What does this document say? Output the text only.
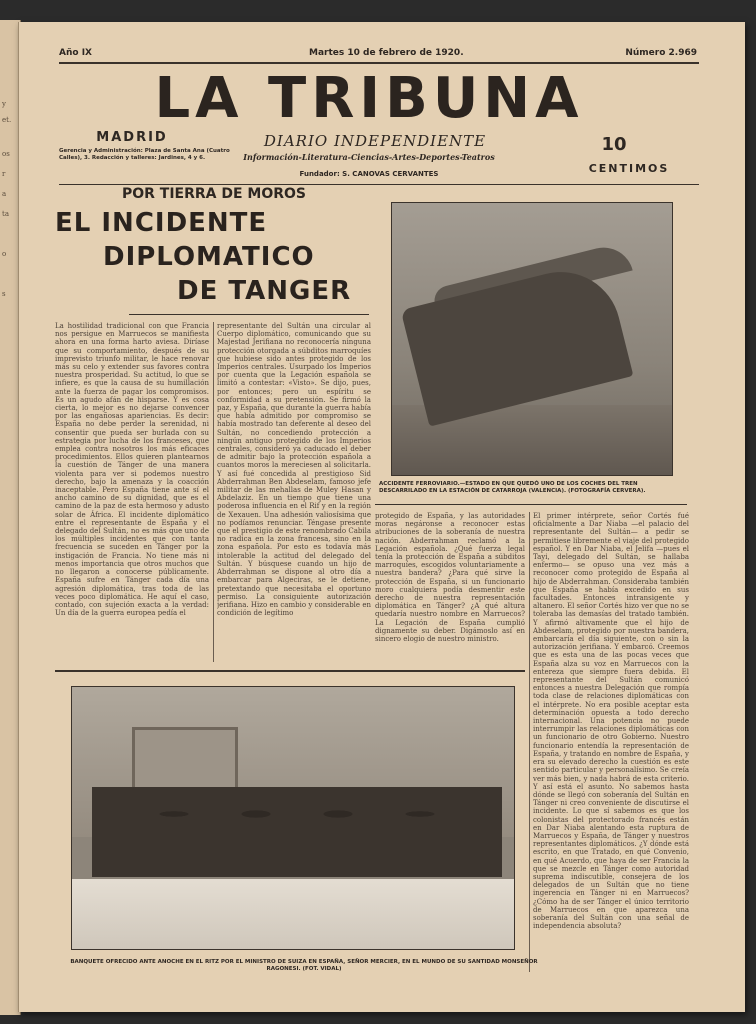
y
et.
os
r
a
ta
o
s
Año IX	Martes 10 de febrero de 1920.	Número 2.969
LA TRIBUNA
MADRID
Gerencia y Administración: Plaza de Santa Ana (Cuatro Calles), 3. Redacción y talleres: Jardines, 4 y 6.
DIARIO INDEPENDIENTE
Información-Literatura-Ciencias-Artes-Deportes-Teatros
Fundador: S. CANOVAS CERVANTES
10
CENTIMOS
POR TIERRA DE MOROS
EL INCIDENTE
DIPLOMATICO
DE TANGER
La hostilidad tradicional con que Francia nos persigue en Marruecos se manifiesta ahora en una forma harto aviesa. Diríase que su comportamiento, después de su imprevisto triunfo militar, le hace renovar más su celo y extender sus favores contra nuestra prosperidad. Su actitud, lo que se infiere, es que la causa de su humillación ante la fuerza de pagar los compromisos. Es un agudo afán de hisparse. Y es cosa cierta, lo mejor es no dejarse convencer por las engañosas apariencias. Es decir: España no debe perder la serenidad, ni consentir que pueda ser burlada con su estrategia por lucha de los franceses, que emplea contra nosotros los más eficaces procedimientos. Ellos quieren plantearnos la cuestión de Tánger de una manera violenta para ver si podemos nuestro derecho, bajo la amenaza y la coacción inaceptable. Pero España tiene ante sí el ancho camino de su dignidad, que es el camino de la paz de esta hermoso y adusto solar de África. El incidente diplomático entre el representante de España y el delegado del Sultán, no es más que uno de los múltiples incidentes que con tanta frecuencia se suceden en Tánger por la instigación de Francia. No tiene más ni menos importancia que otros muchos que no llegaron a conocerse públicamente. España sufre en Tánger cada día una agresión diplomática, tras toda de las veces poco diplomática. He aquí el caso, contado, con sujeción exacta a la verdad: Un día de la guerra europea pedía el
representante del Sultán una circular al Cuerpo diplomático, comunicando que su Majestad Jerifiana no reconocería ninguna protección otorgada a súbditos marroquíes que hubiese sido antes protegido de los Imperios centrales. Usurpado los Imperios por cuenta que la Legación española se limitó a contestar: «Visto». Se dijo, pues, por entonces; pero un espíritu se conformidad a su pretensión. Se firmó la paz, y España, que durante la guerra había que había admitido por compromiso se había mostrado tan deferente al deseo del Sultán, no concediendo protección a ningún antiguo protegido de los Imperios centrales, consideró ya caducado el deber de admitir bajo la protección española a cuantos moros la mereciesen al solicitarla. Y así fué concedida al prestigioso Sid Abderrahman Ben Abdeselam, famoso jefe militar de las mehallas de Muley Hasan y Abdelaziz. En un tiempo que tiene una poderosa influencia en el Rif y en la región de Xexauen. Una adhesión valiosísima que no podíamos renunciar. Téngase presente que el prestigio de este renombrado Cabila no radica en la zona francesa, sino en la zona española. Por esto es todavía más intolerable la actitud del delegado del Sultán. Y búsquese cuando un hijo de Abderrahman se dispone al otro día a embarcar para Algeciras, se le detiene, pretextando que necesitaba el oportuno permiso. La consiguiente autorización jerifiana. Hizo en cambio y considerable en condición de legítimo
ACCIDENTE FERROVIARIO.—ESTADO EN QUE QUEDÓ UNO DE LOS COCHES DEL TREN DESCARRILADO EN LA ESTACIÓN DE CATARROJA (VALENCIA). (FOTOGRAFÍA CERVERA).
protegido de España, y las autoridades moras negáronse a reconocer estas atribuciones de la soberanía de nuestra nación. Abderrahman reclamó a la Legación española. ¿Qué fuerza legal tenía la protección de España a súbditos marroquíes, escogidos voluntariamente a nuestra bandera? ¿Para qué sirve la protección de España, si un funcionario moro cualquiera podía desmentir este derecho de nuestra representación diplomática en Tánger? ¿A qué altura quedaría nuestro nombre en Marruecos? La Legación de España cumplió dignamente su deber. Digámoslo así en sincero elogio de nuestro ministro.
El primer intérprete, señor Cortés fué oficialmente a Dar Niaba —el palacio del representante del Sultán— a pedir se permitiese libremente el viaje del protegido español. Y en Dar Niaba, el Jelifa —pues el Tayi, delegado del Sultán, se hallaba enfermo— se opuso una vez más a reconocer como protegido de España al hijo de Abderrahman. Consideraba también que España se había excedido en sus facultades. Entonces intransigente y altanero. El señor Cortés hizo ver que no se toleraba las demasías del tratado también. Y afirmó altivamente que el hijo de Abdeselam, protegido por nuestra bandera, embarcaría el día siguiente, con o sin la autorización jerifiana. Y embarcó. Creemos que es esta una de las pocas veces que España alza su voz en Marruecos con la entereza que siempre fuera debida. El representante del Sultán comunicó entonces a nuestra Delegación que rompía toda clase de relaciones diplomáticas con el intérprete. No era posible aceptar esta determinación opuesta a todo derecho internacional. Una potencia no puede interrumpir las relaciones diplomáticas con un funcionario de otro Gobierno. Nuestro funcionario entendía la representación de España, y tratando en nombre de España, y era su elevado derecho la cuestión es este sentido particular y personalísimo. Se creía ver más bien, y nada habrá de esta criterio. Y así está el asunto. No sabemos hasta dónde se llegó con soberanía del Sultán en Tánger ni creo conveniente de discutirse el incidente. Lo que sí sabemos es que los colonistas del protectorado francés están en Dar Niaba alentando esta ruptura de Marruecos y España, de Tánger y nuestros representantes diplomáticos. ¿Y dónde está escrito, en que Tratado, en qué Convenio, en qué Acuerdo, que haya de ser Francia la que se mezcle en Tánger como autoridad suprema indiscutible, consejera de los delegados de un Sultán que no tiene ingerencia en Tánger ni en Marruecos? ¿Cómo ha de ser Tánger el único territorio de Marruecos en que aparezca una soberanía del Sultán con una señal de independencia absoluta?
BANQUETE OFRECIDO ANTE ANOCHE EN EL RITZ POR EL MINISTRO DE SUIZA EN ESPAÑA, SEÑOR MERCIER, EN EL MUNDO DE SU SANTIDAD MONSEÑOR RAGONESI. (FOT. VIDAL)
